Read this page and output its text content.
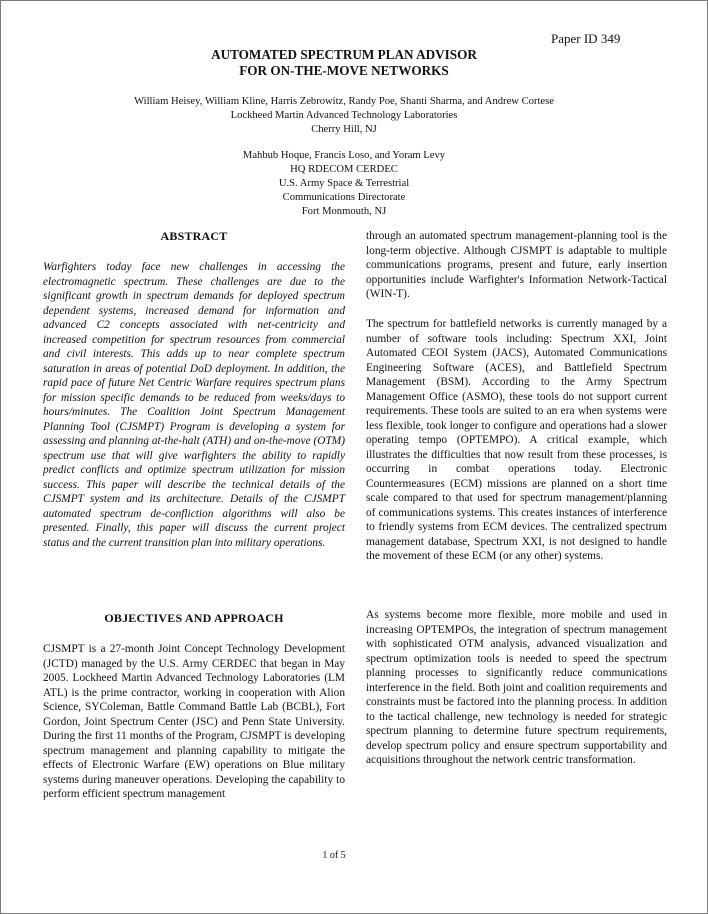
Paper ID 349
AUTOMATED SPECTRUM PLAN ADVISOR
FOR ON-THE-MOVE NETWORKS
William Heisey, William Kline, Harris Zebrowitz, Randy Poe, Shanti Sharma, and Andrew Cortese
Lockheed Martin Advanced Technology Laboratories
Cherry Hill, NJ
Mahbub Hoque, Francis Loso, and Yoram Levy
HQ RDECOM CERDEC
U.S. Army Space & Terrestrial
Communications Directorate
Fort Monmouth, NJ
ABSTRACT

Warfighters today face new challenges in accessing the electromagnetic spectrum. These challenges are due to the significant growth in spectrum demands for deployed spectrum dependent systems, increased demand for information and advanced C2 concepts associated with net-centricity and increased competition for spectrum resources from commercial and civil interests. This adds up to near complete spectrum saturation in areas of potential DoD deployment. In addition, the rapid pace of future Net Centric Warfare requires spectrum plans for mission specific demands to be reduced from weeks/days to hours/minutes. The Coalition Joint Spectrum Management Planning Tool (CJSMPT) Program is developing a system for assessing and planning at-the-halt (ATH) and on-the-move (OTM) spectrum use that will give warfighters the ability to rapidly predict conflicts and optimize spectrum utilization for mission success. This paper will describe the technical details of the CJSMPT system and its architecture. Details of the CJSMPT automated spectrum de-confliction algorithms will also be presented. Finally, this paper will discuss the current project status and the current transition plan into military operations.

OBJECTIVES AND APPROACH

CJSMPT is a 27-month Joint Concept Technology Development (JCTD) managed by the U.S. Army CERDEC that began in May 2005. Lockheed Martin Advanced Technology Laboratories (LM ATL) is the prime contractor, working in cooperation with Alion Science, SYColeman, Battle Command Battle Lab (BCBL), Fort Gordon, Joint Spectrum Center (JSC) and Penn State University. During the first 11 months of the Program, CJSMPT is developing spectrum management and planning capability to mitigate the effects of Electronic Warfare (EW) operations on Blue military systems during maneuver operations. Developing the capability to perform efficient spectrum management

through an automated spectrum management-planning tool is the long-term objective. Although CJSMPT is adaptable to multiple communications programs, present and future, early insertion opportunities include Warfighter's Information Network-Tactical (WIN-T).

The spectrum for battlefield networks is currently managed by a number of software tools including: Spectrum XXI, Joint Automated CEOI System (JACS), Automated Communications Engineering Software (ACES), and Battlefield Spectrum Management (BSM). According to the Army Spectrum Management Office (ASMO), these tools do not support current requirements. These tools are suited to an era when systems were less flexible, took longer to configure and operations had a slower operating tempo (OPTEMPO). A critical example, which illustrates the difficulties that now result from these processes, is occurring in combat operations today. Electronic Countermeasures (ECM) missions are planned on a short time scale compared to that used for spectrum management/planning of communications systems. This creates instances of interference to friendly systems from ECM devices. The centralized spectrum management database, Spectrum XXI, is not designed to handle the movement of these ECM (or any other) systems.

As systems become more flexible, more mobile and used in increasing OPTEMPOs, the integration of spectrum management with sophisticated OTM analysis, advanced visualization and spectrum optimization tools is needed to speed the spectrum planning processes to significantly reduce communications interference in the field. Both joint and coalition requirements and constraints must be factored into the planning process. In addition to the tactical challenge, new technology is needed for strategic spectrum planning to determine future spectrum requirements, develop spectrum policy and ensure spectrum supportability and acquisitions throughout the network centric transformation.

1 of 5
